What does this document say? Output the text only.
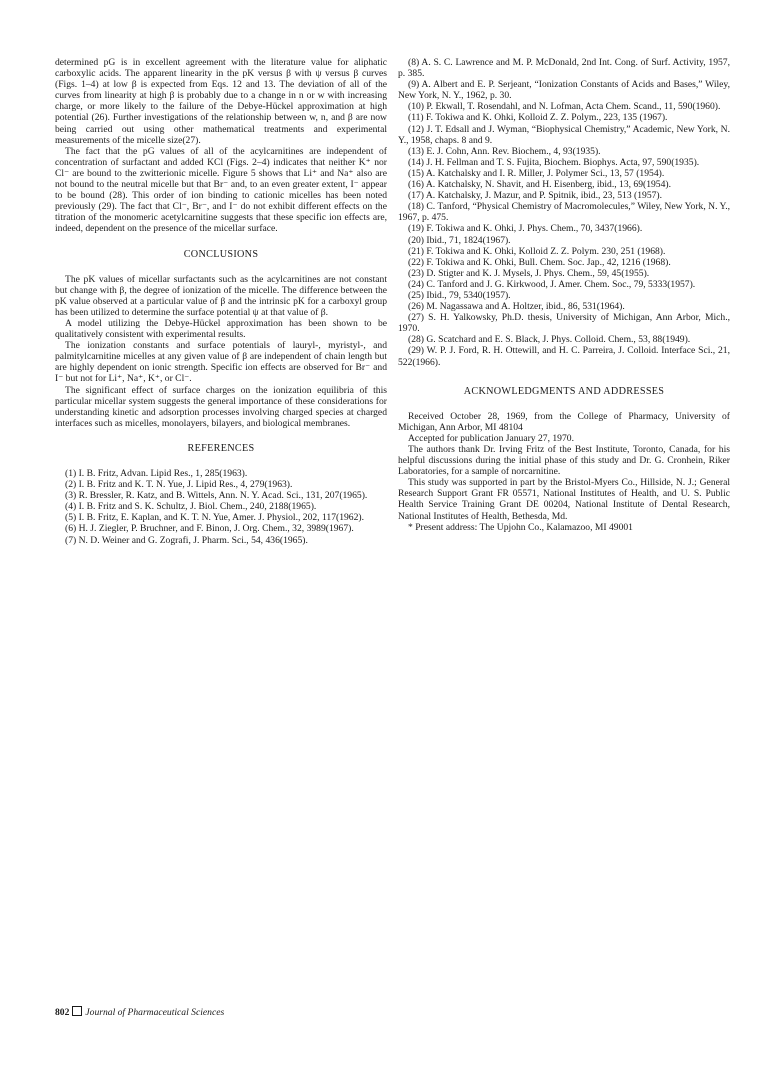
determined pG is in excellent agreement with the literature value for aliphatic carboxylic acids. The apparent linearity in the pK versus β with ψ versus β curves (Figs. 1–4) at low β is expected from Eqs. 12 and 13. The deviation of all of the curves from linearity at high β is probably due to a change in n or w with increasing charge, or more likely to the failure of the Debye-Hückel approximation at high potential (26). Further investigations of the relationship between w, n, and β are now being carried out using other mathematical treatments and experimental measurements of the micelle size(27).

The fact that the pG values of all of the acylcarnitines are independent of concentration of surfactant and added KCl (Figs. 2–4) indicates that neither K⁺ nor Cl⁻ are bound to the zwitterionic micelle. Figure 5 shows that Li⁺ and Na⁺ also are not bound to the neutral micelle but that Br⁻ and, to an even greater extent, I⁻ appear to be bound (28). This order of ion binding to cationic micelles has been noted previously (29). The fact that Cl⁻, Br⁻, and I⁻ do not exhibit different effects on the titration of the monomeric acetylcarnitine suggests that these specific ion effects are, indeed, dependent on the presence of the micellar surface.

CONCLUSIONS

The pK values of micellar surfactants such as the acylcarnitines are not constant but change with β, the degree of ionization of the micelle. The difference between the pK value observed at a particular value of β and the intrinsic pK for a carboxyl group has been utilized to determine the surface potential ψ at that value of β.

A model utilizing the Debye-Hückel approximation has been shown to be qualitatively consistent with experimental results.

The ionization constants and surface potentials of lauryl-, myristyl-, and palmitylcarnitine micelles at any given value of β are independent of chain length but are highly dependent on ionic strength. Specific ion effects are observed for Br⁻ and I⁻ but not for Li⁺, Na⁺, K⁺, or Cl⁻.

The significant effect of surface charges on the ionization equilibria of this particular micellar system suggests the general importance of these considerations for understanding kinetic and adsorption processes involving charged species at charged interfaces such as micelles, monolayers, bilayers, and biological membranes.

REFERENCES

(1) I. B. Fritz, Advan. Lipid Res., 1, 285(1963).

(2) I. B. Fritz and K. T. N. Yue, J. Lipid Res., 4, 279(1963).

(3) R. Bressler, R. Katz, and B. Wittels, Ann. N. Y. Acad. Sci., 131, 207(1965).

(4) I. B. Fritz and S. K. Schultz, J. Biol. Chem., 240, 2188(1965).

(5) I. B. Fritz, E. Kaplan, and K. T. N. Yue, Amer. J. Physiol., 202, 117(1962).

(6) H. J. Ziegler, P. Bruchner, and F. Binon, J. Org. Chem., 32, 3989(1967).

(7) N. D. Weiner and G. Zografi, J. Pharm. Sci., 54, 436(1965).

(8) A. S. C. Lawrence and M. P. McDonald, 2nd Int. Cong. of Surf. Activity, 1957, p. 385.

(9) A. Albert and E. P. Serjeant, “Ionization Constants of Acids and Bases,” Wiley, New York, N. Y., 1962, p. 30.

(10) P. Ekwall, T. Rosendahl, and N. Lofman, Acta Chem. Scand., 11, 590(1960).

(11) F. Tokiwa and K. Ohki, Kolloid Z. Z. Polym., 223, 135 (1967).

(12) J. T. Edsall and J. Wyman, “Biophysical Chemistry,” Academic, New York, N. Y., 1958, chaps. 8 and 9.

(13) E. J. Cohn, Ann. Rev. Biochem., 4, 93(1935).

(14) J. H. Fellman and T. S. Fujita, Biochem. Biophys. Acta, 97, 590(1935).

(15) A. Katchalsky and I. R. Miller, J. Polymer Sci., 13, 57 (1954).

(16) A. Katchalsky, N. Shavit, and H. Eisenberg, ibid., 13, 69(1954).

(17) A. Katchalsky, J. Mazur, and P. Spitnik, ibid., 23, 513 (1957).

(18) C. Tanford, “Physical Chemistry of Macromolecules,” Wiley, New York, N. Y., 1967, p. 475.

(19) F. Tokiwa and K. Ohki, J. Phys. Chem., 70, 3437(1966).

(20) Ibid., 71, 1824(1967).

(21) F. Tokiwa and K. Ohki, Kolloid Z. Z. Polym. 230, 251 (1968).

(22) F. Tokiwa and K. Ohki, Bull. Chem. Soc. Jap., 42, 1216 (1968).

(23) D. Stigter and K. J. Mysels, J. Phys. Chem., 59, 45(1955).

(24) C. Tanford and J. G. Kirkwood, J. Amer. Chem. Soc., 79, 5333(1957).

(25) Ibid., 79, 5340(1957).

(26) M. Nagassawa and A. Holtzer, ibid., 86, 531(1964).

(27) S. H. Yalkowsky, Ph.D. thesis, University of Michigan, Ann Arbor, Mich., 1970.

(28) G. Scatchard and E. S. Black, J. Phys. Colloid. Chem., 53, 88(1949).

(29) W. P. J. Ford, R. H. Ottewill, and H. C. Parreira, J. Colloid. Interface Sci., 21, 522(1966).

ACKNOWLEDGMENTS AND ADDRESSES

Received October 28, 1969, from the College of Pharmacy, University of Michigan, Ann Arbor, MI 48104

Accepted for publication January 27, 1970.

The authors thank Dr. Irving Fritz of the Best Institute, Toronto, Canada, for his helpful discussions during the initial phase of this study and Dr. G. Cronhein, Riker Laboratories, for a sample of norcarnitine.

This study was supported in part by the Bristol-Myers Co., Hillside, N. J.; General Research Support Grant FR 05571, National Institutes of Health, and U. S. Public Health Service Training Grant DE 00204, National Institute of Dental Research, National Institutes of Health, Bethesda, Md.

* Present address: The Upjohn Co., Kalamazoo, MI 49001

802 Journal of Pharmaceutical Sciences
